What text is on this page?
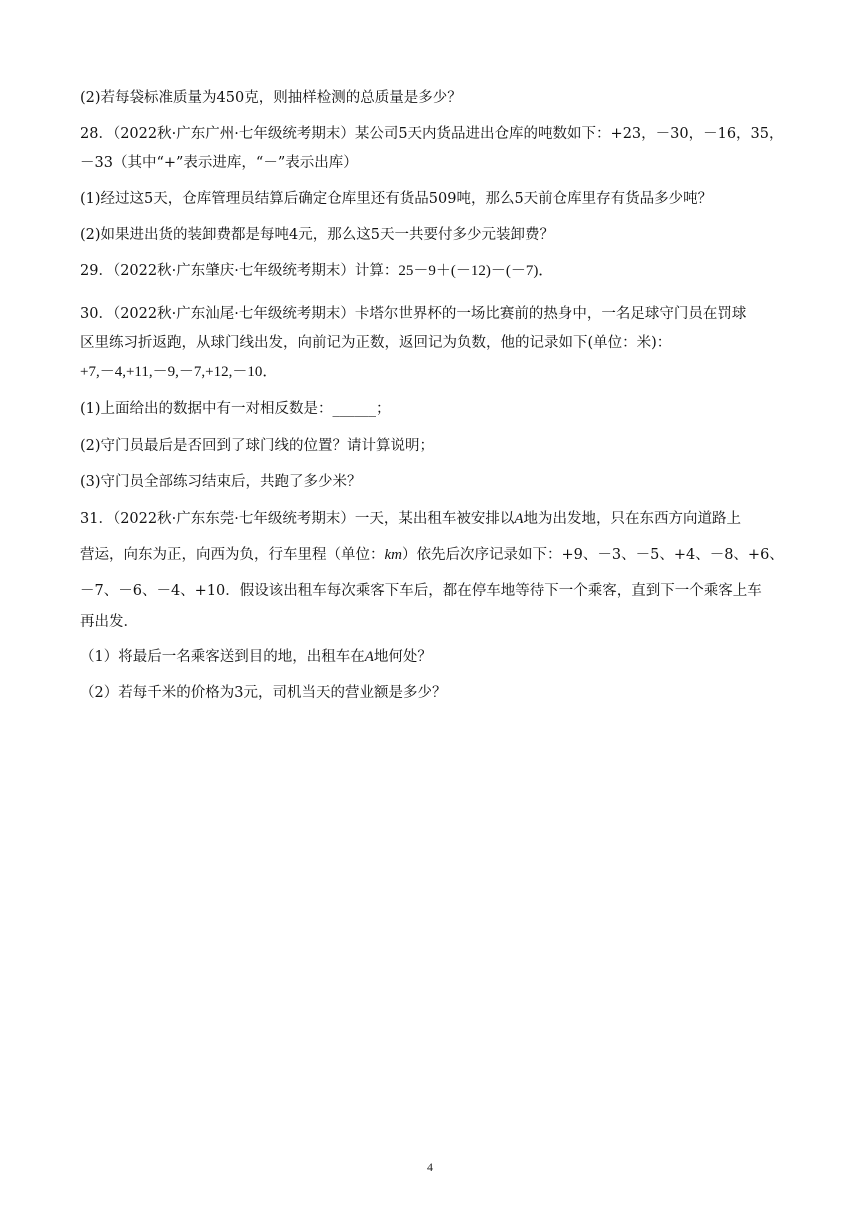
(2)若每袋标准质量为450克，则抽样检测的总质量是多少？
28．（2022秋·广东广州·七年级统考期末）某公司5天内货品进出仓库的吨数如下：+23，－30，－16，35，
－33（其中“+”表示进库，“－”表示出库）
(1)经过这5天，仓库管理员结算后确定仓库里还有货品509吨，那么5天前仓库里存有货品多少吨？
(2)如果进出货的装卸费都是每吨4元，那么这5天一共要付多少元装卸费？
29．（2022秋·广东肇庆·七年级统考期末）计算：25－9＋(－12)－(－7)．
30．（2022秋·广东汕尾·七年级统考期末）卡塔尔世界杯的一场比赛前的热身中，一名足球守门员在罚球
区里练习折返跑，从球门线出发，向前记为正数，返回记为负数，他的记录如下(单位：米)：
+7,－4,+11,－9,－7,+12,－10．
(1)上面给出的数据中有一对相反数是：______；
(2)守门员最后是否回到了球门线的位置？请计算说明；
(3)守门员全部练习结束后，共跑了多少米？
31．（2022秋·广东东莞·七年级统考期末）一天，某出租车被安排以A地为出发地，只在东西方向道路上
营运，向东为正，向西为负，行车里程（单位：km）依先后次序记录如下：+9、－3、－5、+4、－8、+6、
－7、－6、－4、+10．假设该出租车每次乘客下车后，都在停车地等待下一个乘客，直到下一个乘客上车
再出发．
（1）将最后一名乘客送到目的地，出租车在A地何处？
（2）若每千米的价格为3元，司机当天的营业额是多少？
4
